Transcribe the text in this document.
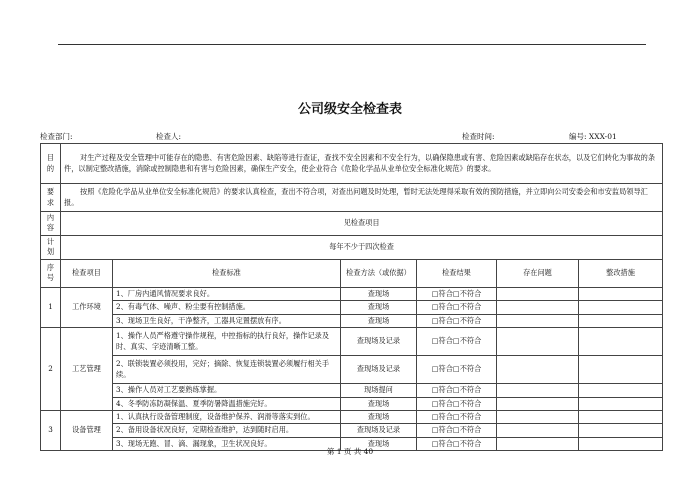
公司级安全检查表
检查部门:	检查人:	检查时间:	编号: XXX-01
目的	对生产过程及安全管理中可能存在的隐患、有害危险因素、缺陷等进行查证，查找不安全因素和不安全行为，以确保隐患或有害、危险因素或缺陷存在状态，以及它们转化为事故的条件，以制定整改措施，消除或控制隐患和有害与危险因素，确保生产安全，使企业符合《危险化学品从业单位安全标准化规范》的要求。					
要求	按照《危险化学品从业单位安全标准化规范》的要求认真检查，查出不符合项，对查出问题及时处理，暂时无法处理得采取有效的预防措施，并立即向公司安委会和市安监局领导汇报。					
内容	见检查项目					
计划	每年不少于四次检查					
序号	检查项目	检查标准	检查方法（或依据）	检查结果	存在问题	整改措施
1	工作环境	1、厂房内通风情况要求良好。	查现场	□符合□不符合		
		2、有毒气体、噪声、粉尘要有控制措施。	查现场	□符合□不符合		
		3、现场卫生良好，干净整齐，工器具定置摆放有序。	查现场	□符合□不符合		
2	工艺管理	1、操作人员严格遵守操作规程，中控指标的执行良好，操作记录及时、真实、字迹清晰工整。	查现场及记录	□符合□不符合		
		2、联锁装置必须投用，完好；摘除、恢复连锁装置必须履行相关手续。	查现场及记录	□符合□不符合		
		3、操作人员对工艺要熟练掌握。	现场提问	□符合□不符合		
		4、冬季防冻防凝保温、夏季防暑降温措施完好。	查现场	□符合□不符合		
3	设备管理	1、认真执行设备管理制度，设备维护保养、润滑等落实到位。	查现场	□符合□不符合		
		2、备用设备状况良好，定期检查维护，达到随时启用。	查现场及记录	□符合□不符合		
		3、现场无跑、冒、滴、漏现象，卫生状况良好。	查现场	□符合□不符合		
第 1 页 共 40
